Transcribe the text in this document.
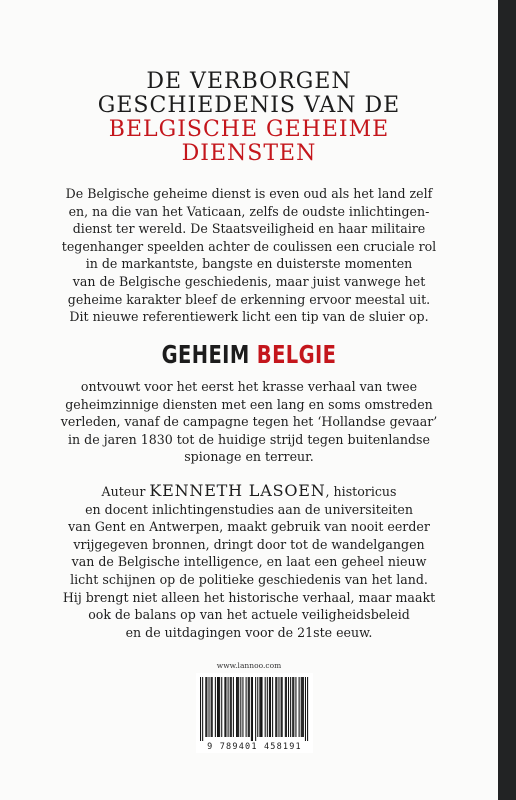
DE VERBORGEN
GESCHIEDENIS VAN DE
BELGISCHE GEHEIME
DIENSTEN
De Belgische geheime dienst is even oud als het land zelf
en, na die van het Vaticaan, zelfs de oudste inlichtingen-
dienst ter wereld. De Staatsveiligheid en haar militaire
tegenhanger speelden achter de coulissen een cruciale rol
in de markantste, bangste en duisterste momenten
van de Belgische geschiedenis, maar juist vanwege het
geheime karakter bleef de erkenning ervoor meestal uit.
Dit nieuwe referentiewerk licht een tip van de sluier op.
GEHEIM BELGIE
ontvouwt voor het eerst het krasse verhaal van twee
geheimzinnige diensten met een lang en soms omstreden
verleden, vanaf de campagne tegen het ‘Hollandse gevaar’
in de jaren 1830 tot de huidige strijd tegen buitenlandse
spionage en terreur.
Auteur KENNETH LASOEN, historicus
en docent inlichtingenstudies aan de universiteiten
van Gent en Antwerpen, maakt gebruik van nooit eerder
vrijgegeven bronnen, dringt door tot de wandelgangen
van de Belgische intelligence, en laat een geheel nieuw
licht schijnen op de politieke geschiedenis van het land.
Hij brengt niet alleen het historische verhaal, maar maakt
ook de balans op van het actuele veiligheidsbeleid
en de uitdagingen voor de 21ste eeuw.
www.lannoo.com
9 789401 458191
